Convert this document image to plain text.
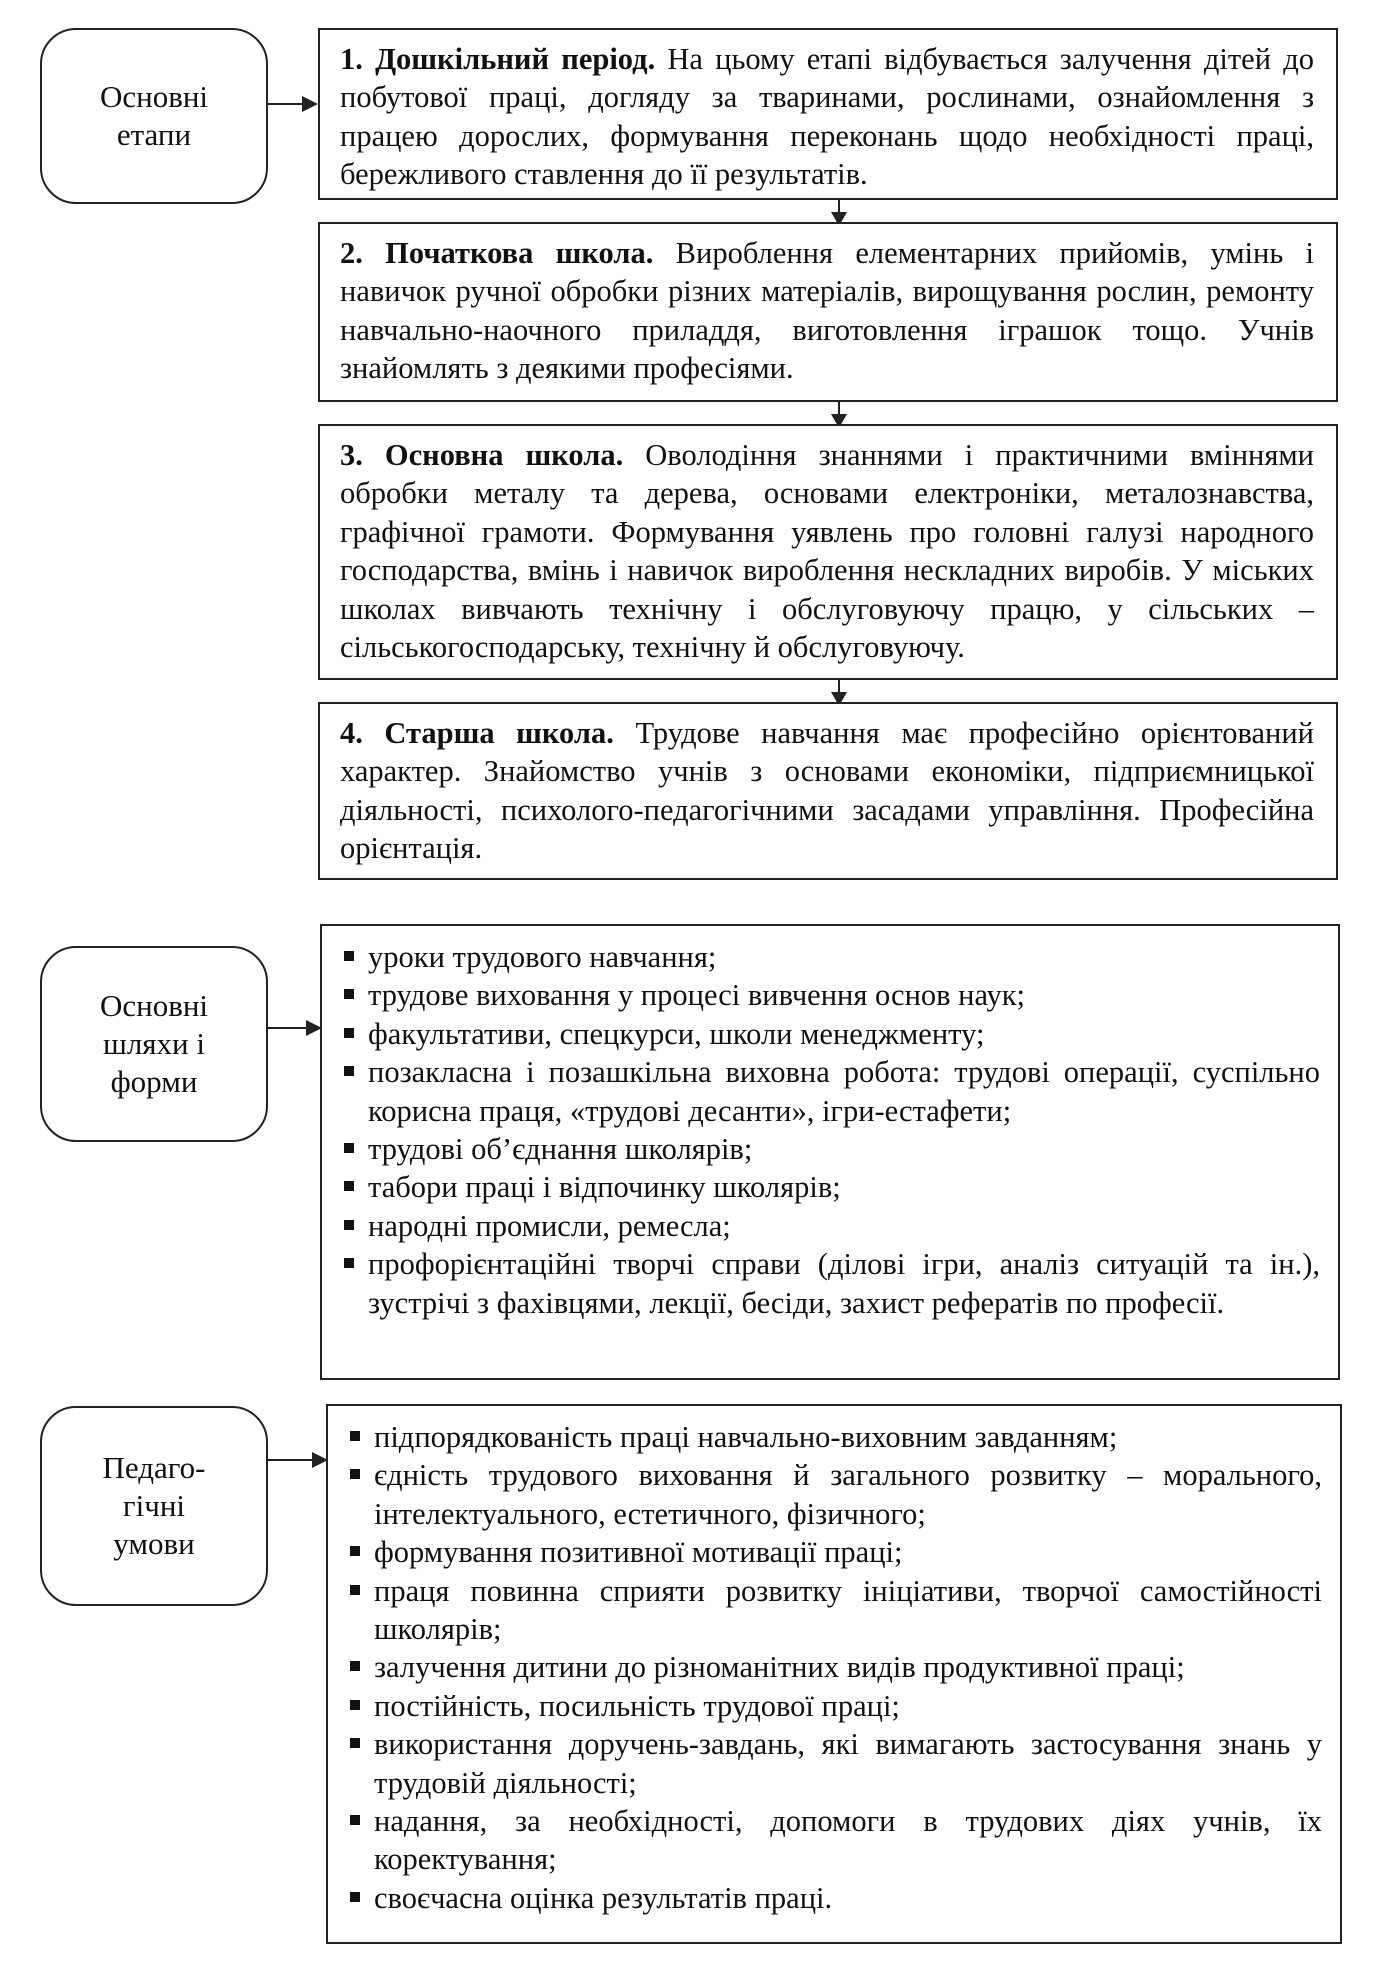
Основні
етапи
1. Дошкільний період. На цьому етапі відбувається залучення дітей до побутової праці, догляду за тваринами, рослинами, ознайомлення з працею дорослих, формування переконань щодо необхідності праці, бережливого ставлення до її результатів.
2. Початкова школа. Вироблення елементарних прийомів, умінь і навичок ручної обробки різних матеріалів, вирощування рослин, ремонту навчально-наочного приладдя, виготовлення іграшок тощо. Учнів знайомлять з деякими професіями.
3. Основна школа. Оволодіння знаннями і практичними вміннями обробки металу та дерева, основами електроніки, металознавства, графічної грамоти. Формування уявлень про головні галузі народного господарства, вмінь і навичок вироблення нескладних виробів. У міських школах вивчають технічну і обслуговуючу працю, у сільських – сільськогосподарську, технічну й обслуговуючу.
4. Старша школа. Трудове навчання має професійно орієнтований характер. Знайомство учнів з основами економіки, підприємницької діяльності, психолого-педагогічними засадами управління. Професійна орієнтація.
Основні
шляхи і
форми
уроки трудового навчання;
трудове виховання у процесі вивчення основ наук;
факультативи, спецкурси, школи менеджменту;
позакласна і позашкільна виховна робота: трудові операції, суспільно корисна праця, «трудові десанти», ігри-естафети;
трудові об’єднання школярів;
табори праці і відпочинку школярів;
народні промисли, ремесла;
профорієнтаційні творчі справи (ділові ігри, аналіз ситуацій та ін.), зустрічі з фахівцями, лекції, бесіди, захист рефератів по професії.
Педаго-
гічні
умови
підпорядкованість праці навчально-виховним завданням;
єдність трудового виховання й загального розвитку – морального, інтелектуального, естетичного, фізичного;
формування позитивної мотивації праці;
праця повинна сприяти розвитку ініціативи, творчої самостійності школярів;
залучення дитини до різноманітних видів продуктивної праці;
постійність, посильність трудової праці;
використання доручень-завдань, які вимагають застосування знань у трудовій діяльності;
надання, за необхідності, допомоги в трудових діях учнів, їх коректування;
своєчасна оцінка результатів праці.
